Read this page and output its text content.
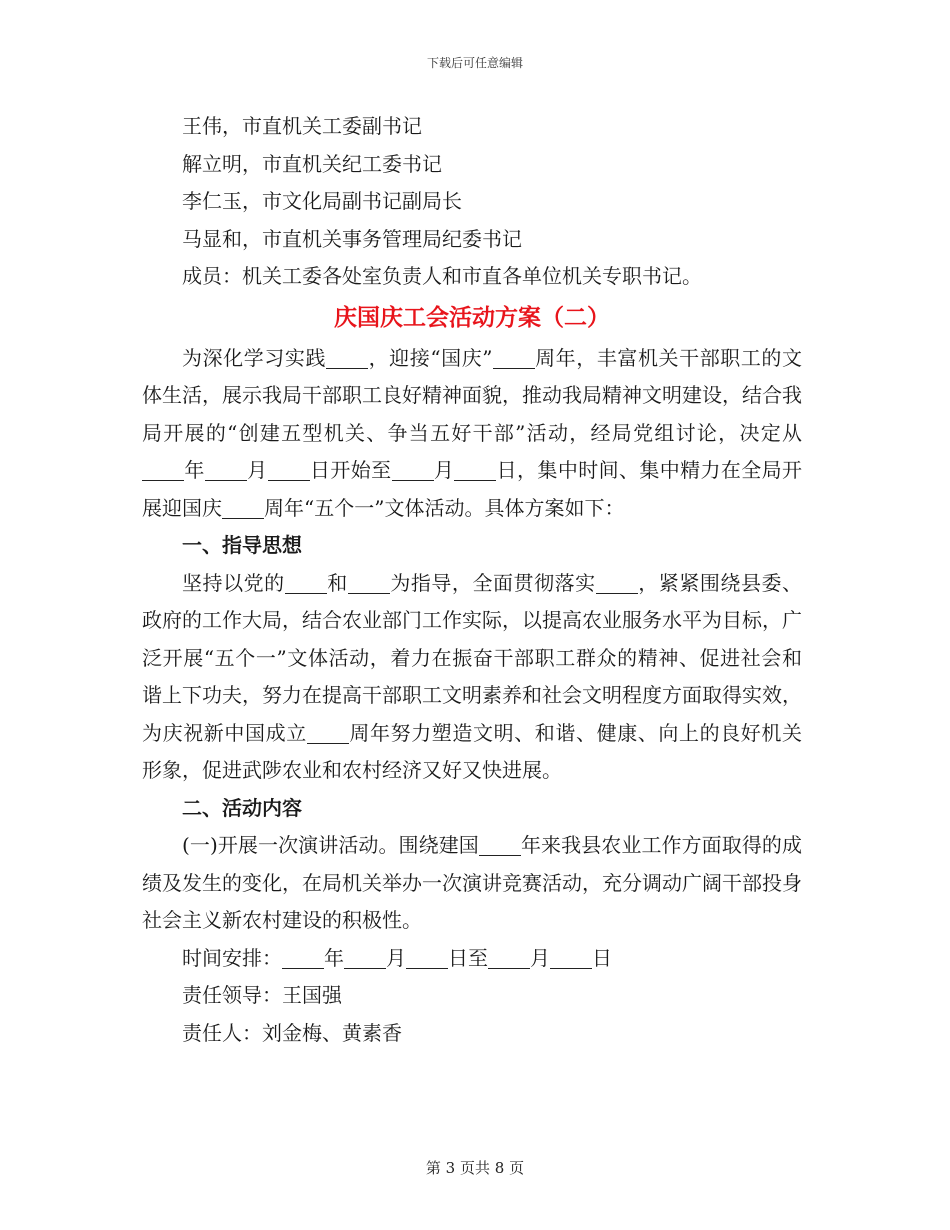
下载后可任意编辑

王伟，市直机关工委副书记

解立明，市直机关纪工委书记

李仁玉，市文化局副书记副局长

马显和，市直机关事务管理局纪委书记

成员：机关工委各处室负责人和市直各单位机关专职书记。

庆国庆工会活动方案（二）

为深化学习实践 ，迎接“国庆” 周年，丰富机关干部职工的文体生活，展示我局干部职工良好精神面貌，推动我局精神文明建设，结合我局开展的“创建五型机关、争当五好干部”活动，经局党组讨论，决定从年 月 日开始至 月 日，集中时间、集中精力在全局开展迎国庆 周年“五个一”文体活动。具体方案如下：

一、指导思想

坚持以党的 和 为指导，全面贯彻落实 ，紧紧围绕县委、政府的工作大局，结合农业部门工作实际，以提高农业服务水平为目标，广泛开展“五个一”文体活动，着力在振奋干部职工群众的精神、促进社会和谐上下功夫，努力在提高干部职工文明素养和社会文明程度方面取得实效，为庆祝新中国成立 周年努力塑造文明、和谐、健康、向上的良好机关形象，促进武陟农业和农村经济又好又快进展。

二、活动内容

(一)开展一次演讲活动。围绕建国 年来我县农业工作方面取得的成绩及发生的变化，在局机关举办一次演讲竞赛活动，充分调动广阔干部投身社会主义新农村建设的积极性。

时间安排： 年 月 日至 月 日

责任领导：王国强

责任人：刘金梅、黄素香

第 3 页共 8 页
